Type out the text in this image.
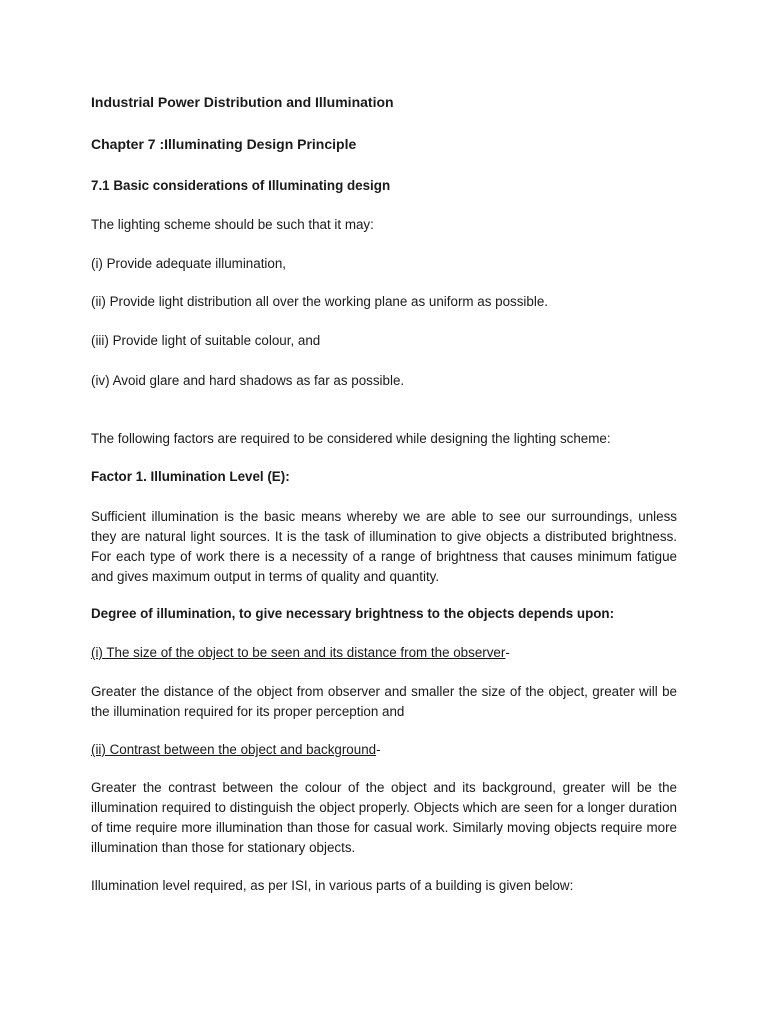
Industrial Power Distribution and Illumination
Chapter 7 :Illuminating Design Principle
7.1 Basic considerations of Illuminating design
The lighting scheme should be such that it may:
(i) Provide adequate illumination,
(ii) Provide light distribution all over the working plane as uniform as possible.
(iii) Provide light of suitable colour, and
(iv) Avoid glare and hard shadows as far as possible.
The following factors are required to be considered while designing the lighting scheme:
Factor 1. Illumination Level (E):
Sufficient illumination is the basic means whereby we are able to see our surroundings, unless they are natural light sources. It is the task of illumination to give objects a distributed brightness. For each type of work there is a necessity of a range of brightness that causes minimum fatigue and gives maximum output in terms of quality and quantity.
Degree of illumination, to give necessary brightness to the objects depends upon:
(i) The size of the object to be seen and its distance from the observer-
Greater the distance of the object from observer and smaller the size of the object, greater will be the illumination required for its proper perception and
(ii) Contrast between the object and background-
Greater the contrast between the colour of the object and its background, greater will be the illumination required to distinguish the object properly. Objects which are seen for a longer duration of time require more illumination than those for casual work. Similarly moving objects require more illumination than those for stationary objects.
Illumination level required, as per ISI, in various parts of a building is given below:
